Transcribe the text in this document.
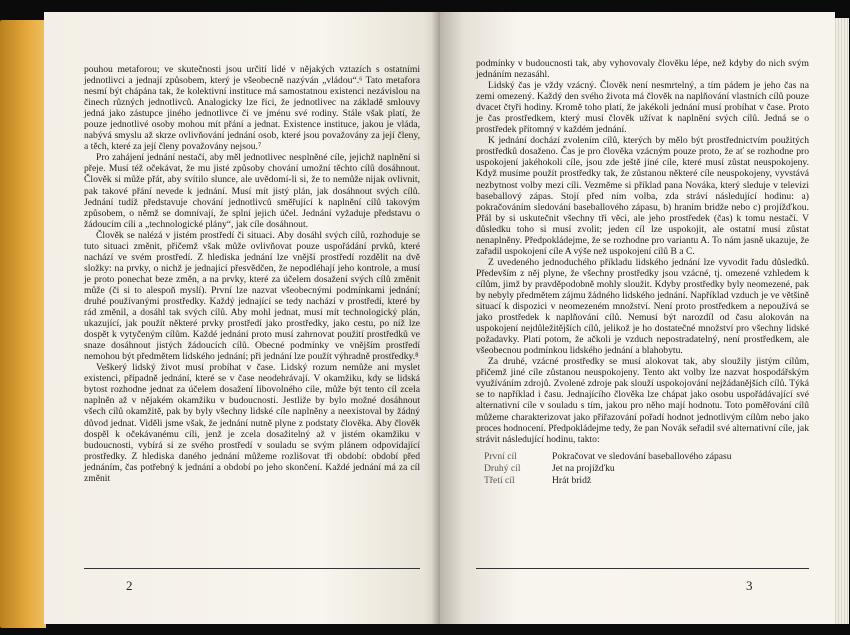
pouhou metaforou; ve skutečnosti jsou určití lidé v nějakých vztazích s ostatními jednotlivci a jednají způsobem, který je všeobecně nazýván „vládou“.⁶ Tato metafora nesmí být chápána tak, že kolektivní instituce má samostatnou existenci nezávislou na činech různých jednotlivců. Analogicky lze říci, že jednotlivec na základě smlouvy jedná jako zástupce jiného jednotlivce či ve jménu své rodiny. Stále však platí, že pouze jednotlivé osoby mohou mít přání a jednat. Existence instituce, jakou je vláda, nabývá smyslu až skrze ovlivňování jednání osob, které jsou považovány za její členy, a těch, které za její členy považovány nejsou.⁷

Pro zahájení jednání nestačí, aby měl jednotlivec nesplněné cíle, jejichž naplnění si přeje. Musí též očekávat, že mu jisté způsoby chování umožní těchto cílů dosáhnout. Člověk si může přát, aby svítilo slunce, ale uvědomí-li si, že to nemůže nijak ovlivnit, pak takové přání nevede k jednání. Musí mít jistý plán, jak dosáhnout svých cílů. Jednání tudíž představuje chování jednotlivců směřující k naplnění cílů takovým způsobem, o němž se domnívají, že splní jejich účel. Jednání vyžaduje představu o žádoucím cíli a „technologické plány“, jak cíle dosáhnout.

Člověk se nalézá v jistém prostředí či situaci. Aby dosáhl svých cílů, rozhoduje se tuto situaci změnit, přičemž však může ovlivňovat pouze uspořádání prvků, které nachází ve svém prostředí. Z hlediska jednání lze vnější prostředí rozdělit na dvě složky: na prvky, o nichž je jednající přesvědčen, že nepodléhají jeho kontrole, a musí je proto ponechat beze změn, a na prvky, které za účelem dosažení svých cílů změnit může (či si to alespoň myslí). První lze nazvat všeobecnými podmínkami jednání; druhé používanými prostředky. Každý jednající se tedy nachází v prostředí, které by rád změnil, a dosáhl tak svých cílů. Aby mohl jednat, musí mít technologický plán, ukazující, jak použít některé prvky prostředí jako prostředky, jako cestu, po níž lze dospět k vytyčeným cílům. Každé jednání proto musí zahrnovat použití prostředků ve snaze dosáhnout jistých žádoucích cílů. Obecné podmínky ve vnějším prostředí nemohou být předmětem lidského jednání; při jednání lze použít výhradně prostředky.⁸

Veškerý lidský život musí probíhat v čase. Lidský rozum nemůže ani myslet existenci, případně jednání, které se v čase neodehrávají. V okamžiku, kdy se lidská bytost rozhodne jednat za účelem dosažení libovolného cíle, může být tento cíl zcela naplněn až v nějakém okamžiku v budoucnosti. Jestliže by bylo možné dosáhnout všech cílů okamžitě, pak by byly všechny lidské cíle naplněny a neexistoval by žádný důvod jednat. Viděli jsme však, že jednání nutně plyne z podstaty člověka. Aby člověk dospěl k očekávanému cíli, jenž je zcela dosažitelný až v jistém okamžiku v budoucnosti, vybírá si ze svého prostředí v souladu se svým plánem odpovídající prostředky. Z hlediska daného jednání můžeme rozlišovat tři období: období před jednáním, čas potřebný k jednání a období po jeho skončení. Každé jednání má za cíl změnit

2

podmínky v budoucnosti tak, aby vyhovovaly člověku lépe, než kdyby do nich svým jednáním nezasáhl.

Lidský čas je vždy vzácný. Člověk není nesmrtelný, a tím pádem je jeho čas na zemi omezený. Každý den svého života má člověk na naplňování vlastních cílů pouze dvacet čtyři hodiny. Kromě toho platí, že jakékoli jednání musí probíhat v čase. Proto je čas prostředkem, který musí člověk užívat k naplnění svých cílů. Jedná se o prostředek přítomný v každém jednání.

K jednání dochází zvolením cílů, kterých by mělo být prostřednictvím použitých prostředků dosaženo. Čas je pro člověka vzácným pouze proto, že ať se rozhodne pro uspokojení jakéhokoli cíle, jsou zde ještě jiné cíle, které musí zůstat neuspokojeny. Když musíme použít prostředky tak, že zůstanou některé cíle neuspokojeny, vyvstává nezbytnost volby mezi cíli. Vezměme si příklad pana Nováka, který sleduje v televizi baseballový zápas. Stojí před ním volba, zda stráví následující hodinu: a) pokračováním sledování baseballového zápasu, b) hraním bridže nebo c) projížďkou. Přál by si uskutečnit všechny tři věci, ale jeho prostředek (čas) k tomu nestačí. V důsledku toho si musí zvolit; jeden cíl lze uspokojit, ale ostatní musí zůstat nenaplněny. Předpokládejme, že se rozhodne pro variantu A. To nám jasně ukazuje, že zařadil uspokojení cíle A výše než uspokojení cílů B a C.

Z uvedeného jednoduchého příkladu lidského jednání lze vyvodit řadu důsledků. Především z něj plyne, že všechny prostředky jsou vzácné, tj. omezené vzhledem k cílům, jimž by pravděpodobně mohly sloužit. Kdyby prostředky byly neomezené, pak by nebyly předmětem zájmu žádného lidského jednání. Například vzduch je ve většině situací k dispozici v neomezeném množství. Není proto prostředkem a nepoužívá se jako prostředek k naplňování cílů. Nemusí být narozdíl od času alokován na uspokojení nejdůležitějších cílů, jelikož je ho dostatečné množství pro všechny lidské požadavky. Platí potom, že ačkoli je vzduch nepostradatelný, není prostředkem, ale všeobecnou podmínkou lidského jednání a blahobytu.

Za druhé, vzácné prostředky se musí alokovat tak, aby sloužily jistým cílům, přičemž jiné cíle zůstanou neuspokojeny. Tento akt volby lze nazvat hospodářským využíváním zdrojů. Zvolené zdroje pak slouží uspokojování nejžádanějších cílů. Týká se to například i času. Jednajícího člověka lze chápat jako osobu uspořádávající své alternativní cíle v souladu s tím, jakou pro něho mají hodnotu. Toto poměřování cílů můžeme charakterizovat jako přiřazování pořadí hodnot jednotlivým cílům nebo jako proces hodnocení. Předpokládejme tedy, že pan Novák seřadil své alternativní cíle, jak strávit následující hodinu, takto:

První cíl	Pokračovat ve sledování baseballového zápasu
Druhý cíl	Jet na projížďku
Třetí cíl	Hrát bridž
3
